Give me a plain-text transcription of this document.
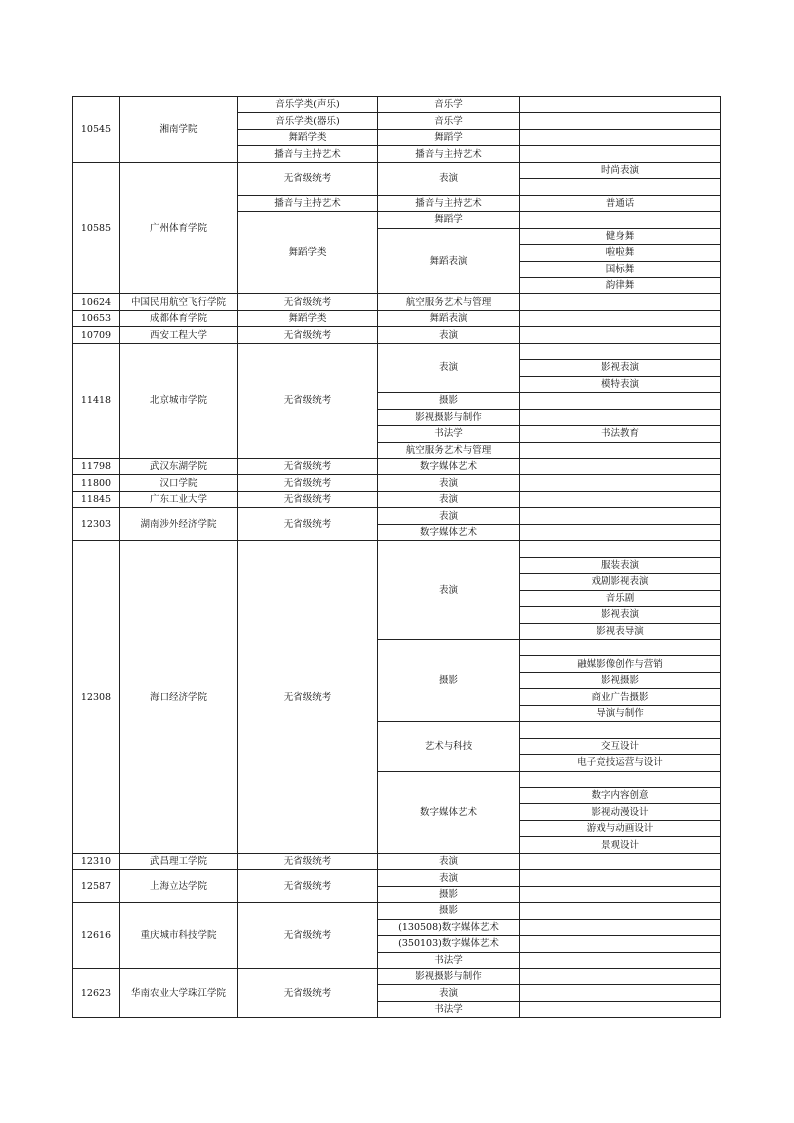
10545	湘南学院	音乐学类(声乐)	音乐学	
		音乐学类(器乐)	音乐学	
		舞蹈学类	舞蹈学	
		播音与主持艺术	播音与主持艺术	
10585	广州体育学院	无省级统考	表演	时尚表演

		播音与主持艺术	播音与主持艺术	普通话
		舞蹈学类	舞蹈学	
			舞蹈表演	健身舞
				啦啦舞
				国标舞
				韵律舞
10624	中国民用航空飞行学院	无省级统考	航空服务艺术与管理	
10653	成都体育学院	舞蹈学类	舞蹈表演	
10709	西安工程大学	无省级统考	表演	
11418	北京城市学院	无省级统考	表演	
				影视表演
				模特表演
			摄影	
			影视摄影与制作	
			书法学	书法教育
			航空服务艺术与管理	
11798	武汉东湖学院	无省级统考	数字媒体艺术	
11800	汉口学院	无省级统考	表演	
11845	广东工业大学	无省级统考	表演	
12303	湖南涉外经济学院	无省级统考	表演	
			数字媒体艺术	
12308	海口经济学院	无省级统考	表演	
				服装表演
				戏剧影视表演
				音乐剧
				影视表演
				影视表导演
			摄影	
				融媒影像创作与营销
				影视摄影
				商业广告摄影
				导演与制作
			艺术与科技	
				交互设计
				电子竞技运营与设计
			数字媒体艺术	
				数字内容创意
				影视动漫设计
				游戏与动画设计
				景观设计
12310	武昌理工学院	无省级统考	表演	
12587	上海立达学院	无省级统考	表演	
			摄影	
12616	重庆城市科技学院	无省级统考	摄影	
			(130508)数字媒体艺术	
			(350103)数字媒体艺术	
			书法学	
12623	华南农业大学珠江学院	无省级统考	影视摄影与制作	
			表演	
			书法学	
